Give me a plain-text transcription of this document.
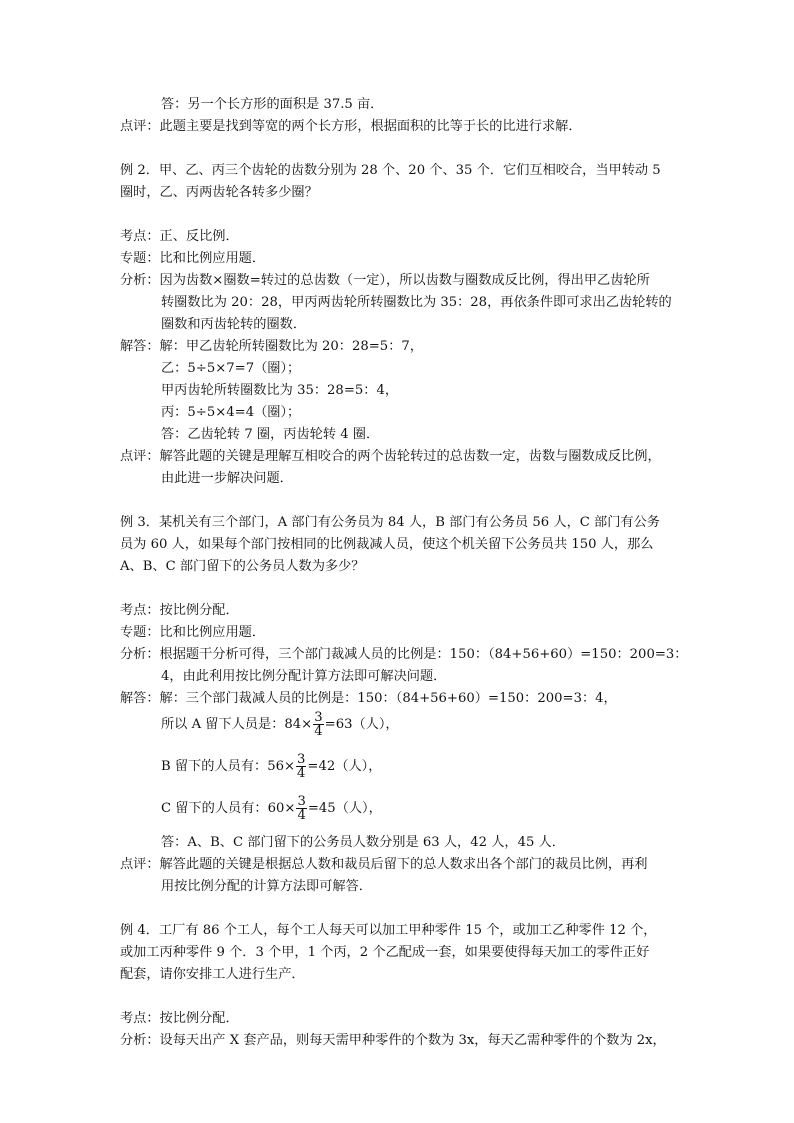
答：另一个长方形的面积是 37.5 亩．
点评：此题主要是找到等宽的两个长方形，根据面积的比等于长的比进行求解．
例 2．甲、乙、丙三个齿轮的齿数分别为 28 个、20 个、35 个．它们互相咬合，当甲转动 5
圈时，乙、丙两齿轮各转多少圈？
考点：正、反比例．
专题：比和比例应用题．
分析：因为齿数×圈数=转过的总齿数（一定），所以齿数与圈数成反比例，得出甲乙齿轮所
转圈数比为 20：28，甲丙两齿轮所转圈数比为 35：28，再依条件即可求出乙齿轮转的
圈数和丙齿轮转的圈数．
解答：解：甲乙齿轮所转圈数比为 20：28=5：7，
乙：5÷5×7=7（圈）；
甲丙齿轮所转圈数比为 35：28=5：4，
丙：5÷5×4=4（圈）；
答：乙齿轮转 7 圈，丙齿轮转 4 圈．
点评：解答此题的关键是理解互相咬合的两个齿轮转过的总齿数一定，齿数与圈数成反比例，
由此进一步解决问题．
例 3．某机关有三个部门，A 部门有公务员为 84 人，B 部门有公务员 56 人，C 部门有公务
员为 60 人，如果每个部门按相同的比例裁减人员，使这个机关留下公务员共 150 人，那么
A、B、C 部门留下的公务员人数为多少？
考点：按比例分配．
专题：比和比例应用题．
分析：根据题干分析可得，三个部门裁减人员的比例是：150：（84+56+60）=150：200=3：
4，由此利用按比例分配计算方法即可解决问题．
解答：解：三个部门裁减人员的比例是：150：（84+56+60）=150：200=3：4，
所以 A 留下人员是：$84\times \frac{3}{4} =63$（人），
B 留下的人员有：$56\times \frac{3}{4} =42$（人），
C 留下的人员有：$60\times \frac{3}{4} =45$（人），
答：A、B、C 部门留下的公务员人数分别是 63 人，42 人，45 人．
点评：解答此题的关键是根据总人数和裁员后留下的总人数求出各个部门的裁员比例，再利
用按比例分配的计算方法即可解答．
例 4．工厂有 86 个工人，每个工人每天可以加工甲种零件 15 个，或加工乙种零件 12 个，
或加工丙种零件 9 个．3 个甲，1 个丙，2 个乙配成一套，如果要使得每天加工的零件正好
配套，请你安排工人进行生产．
考点：按比例分配．
分析：设每天出产 X 套产品，则每天需甲种零件的个数为 3x，每天乙需种零件的个数为 2x，
